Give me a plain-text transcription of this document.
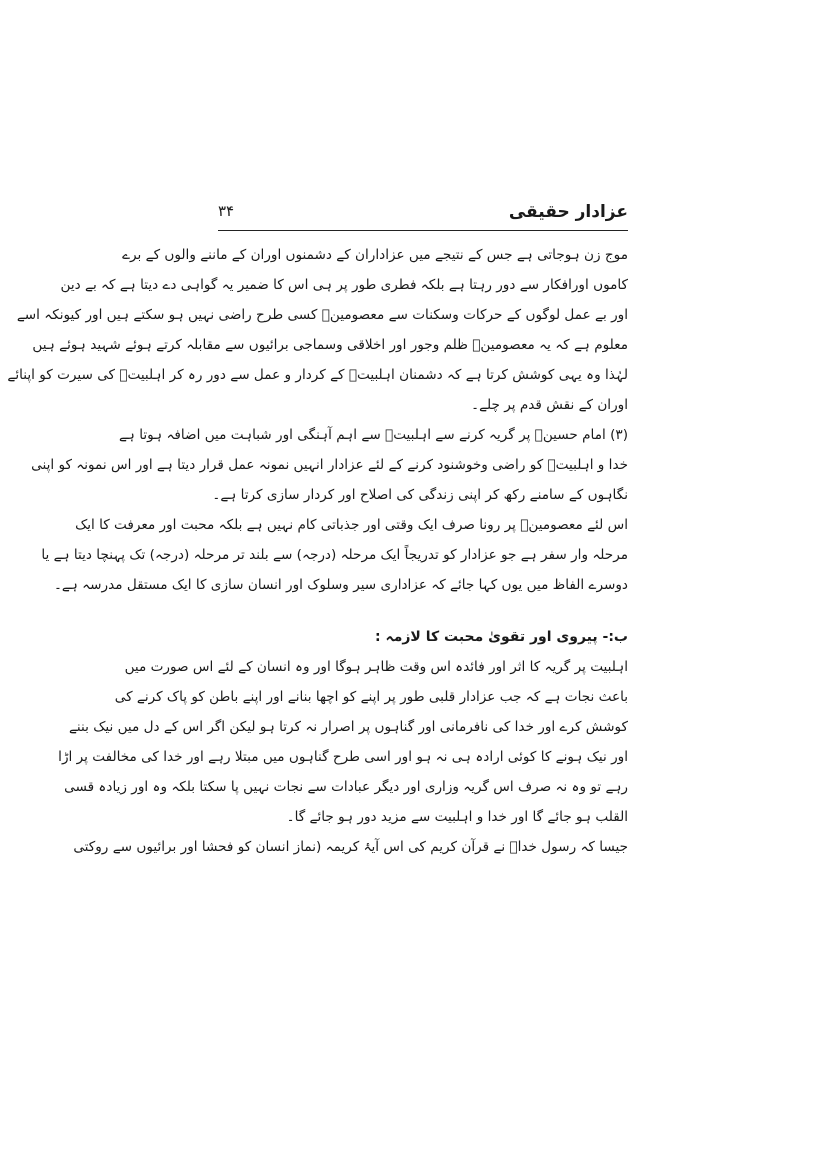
عزادار حقیقی
۳۴
موج زن ہوجاتی ہے جس کے نتیجے میں عزاداران کے دشمنوں اوران کے ماننے والوں کے برے
کاموں اورافکار سے دور رہتا ہے بلکہ فطری طور پر ہی اس کا ضمیر یہ گواہی دے دیتا ہے کہ بے دین
اور بے عمل لوگوں کے حرکات وسکنات سے معصومینؑ کسی طرح راضی نہیں ہو سکتے ہیں اور کیونکہ اسے
معلوم ہے کہ یہ معصومینؑ ظلم وجور اور اخلاقی وسماجی برائیوں سے مقابلہ کرتے ہوئے شہید ہوئے ہیں
لہٰذا وہ یہی کوشش کرتا ہے کہ دشمنان اہلبیتؑ کے کردار و عمل سے دور رہ کر اہلبیتؑ کی سیرت کو اپنائے
اوران کے نقش قدم پر چلے۔
(۳) امام حسینؑ پر گریہ کرنے سے اہلبیتؑ سے اہم آہنگی اور شباہت میں اضافہ ہوتا ہے
خدا و اہلبیتؑ کو راضی وخوشنود کرنے کے لئے عزادار انہیں نمونہ عمل قرار دیتا ہے اور اس نمونہ کو اپنی
نگاہوں کے سامنے رکھ کر اپنی زندگی کی اصلاح اور کردار سازی کرتا ہے۔
اس لئے معصومینؑ پر رونا صرف ایک وقتی اور جذباتی کام نہیں ہے بلکہ محبت اور معرفت کا ایک
مرحلہ وار سفر ہے جو عزادار کو تدریجاً ایک مرحلہ (درجہ) سے بلند تر مرحلہ (درجہ) تک پہنچا دیتا ہے یا
دوسرے الفاظ میں یوں کہا جائے کہ عزاداری سیر وسلوک اور انسان سازی کا ایک مستقل مدرسہ ہے۔
ب:- پیروی اور تقویٰ محبت کا لازمہ :
اہلبیت پر گریہ کا اثر اور فائدہ اس وقت ظاہر ہوگا اور وہ انسان کے لئے اس صورت میں
باعث نجات ہے کہ جب عزادار قلبی طور پر اپنے کو اچھا بنانے اور اپنے باطن کو پاک کرنے کی
کوشش کرے اور خدا کی نافرمانی اور گناہوں پر اصرار نہ کرتا ہو لیکن اگر اس کے دل میں نیک بننے
اور نیک ہونے کا کوئی ارادہ ہی نہ ہو اور اسی طرح گناہوں میں مبتلا رہے اور خدا کی مخالفت پر اڑا
رہے تو وہ نہ صرف اس گریہ وزاری اور دیگر عبادات سے نجات نہیں پا سکتا بلکہ وہ اور زیادہ قسی
القلب ہو جائے گا اور خدا و اہلبیت سے مزید دور ہو جائے گا۔
جیسا کہ رسول خداؐ نے قرآن کریم کی اس آیۂ کریمہ (نماز انسان کو فحشا اور برائیوں سے روکتی
